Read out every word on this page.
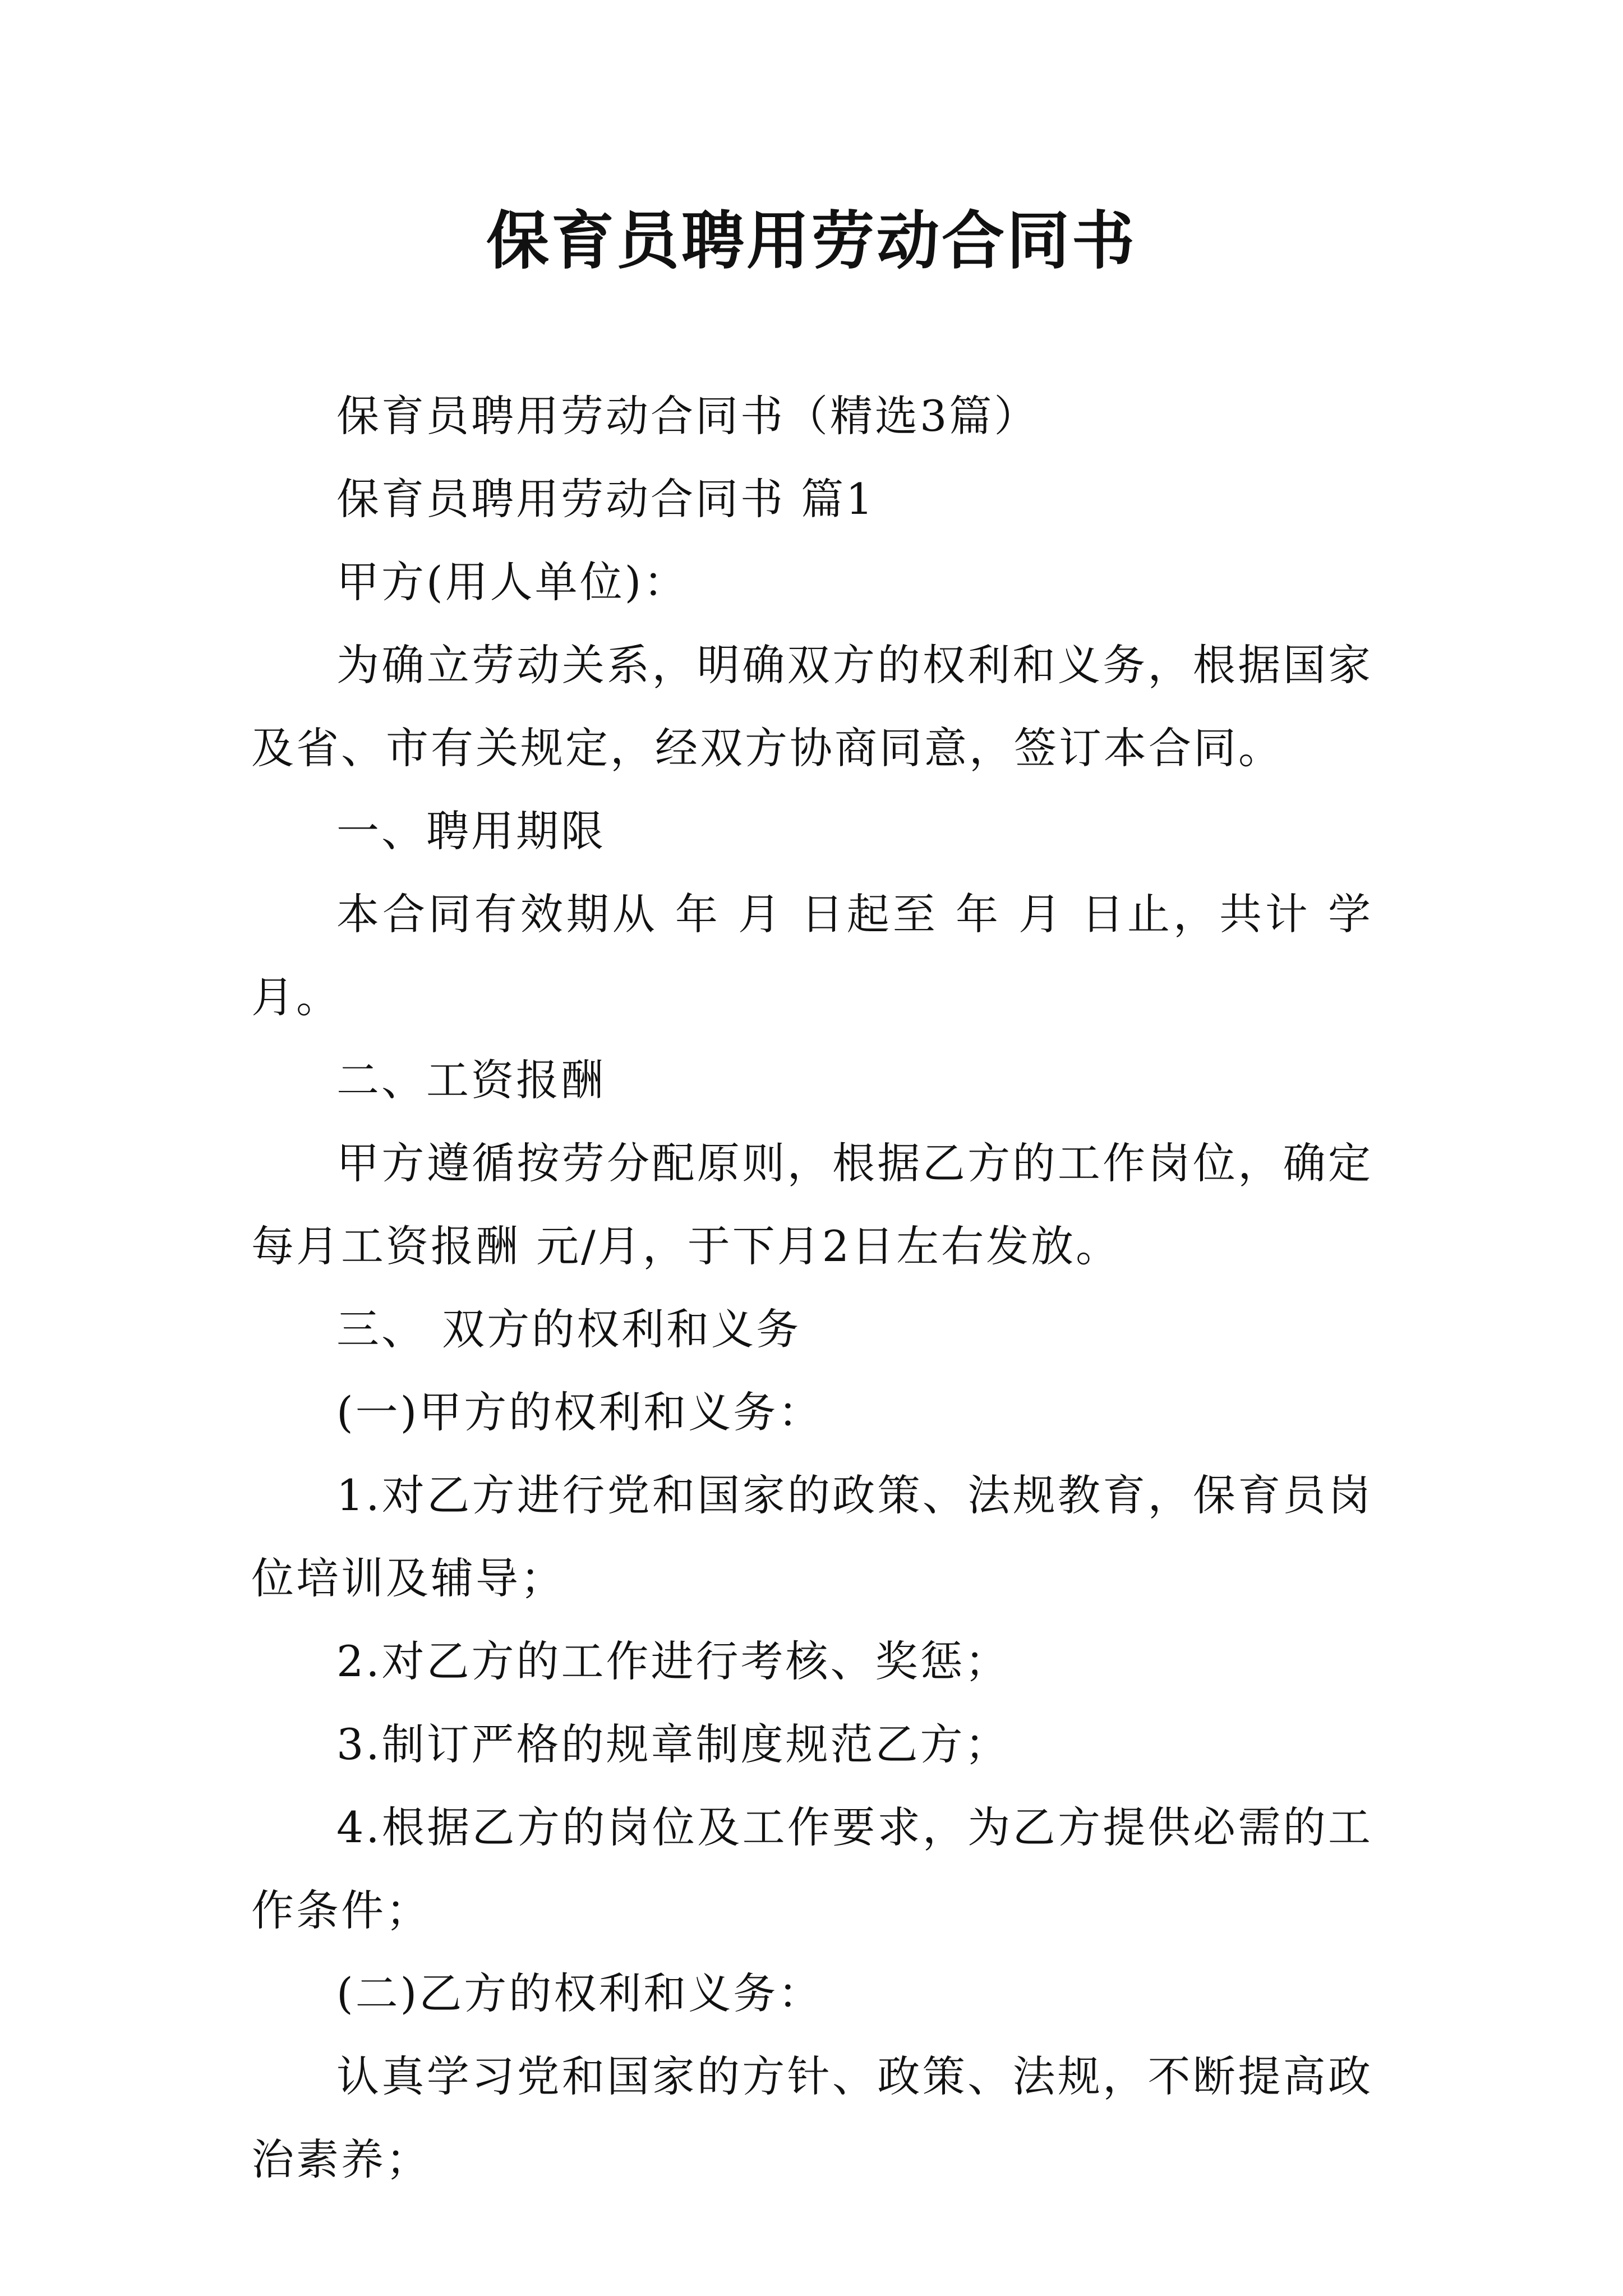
保育员聘用劳动合同书

保育员聘用劳动合同书（精选3篇）

保育员聘用劳动合同书 篇1

甲方(用人单位)：

为确立劳动关系，明确双方的权利和义务，根据国家及省、市有关规定，经双方协商同意，签订本合同。

一、聘用期限

本合同有效期从 年 月 日起至 年 月 日止，共计 学月。

二、工资报酬

甲方遵循按劳分配原则，根据乙方的工作岗位，确定每月工资报酬 元/月，于下月2日左右发放。

三、 双方的权利和义务

(一)甲方的权利和义务：

1.对乙方进行党和国家的政策、法规教育，保育员岗位培训及辅导；

2.对乙方的工作进行考核、奖惩；

3.制订严格的规章制度规范乙方；

4.根据乙方的岗位及工作要求，为乙方提供必需的工作条件；

(二)乙方的权利和义务：

认真学习党和国家的方针、政策、法规，不断提高政治素养；
